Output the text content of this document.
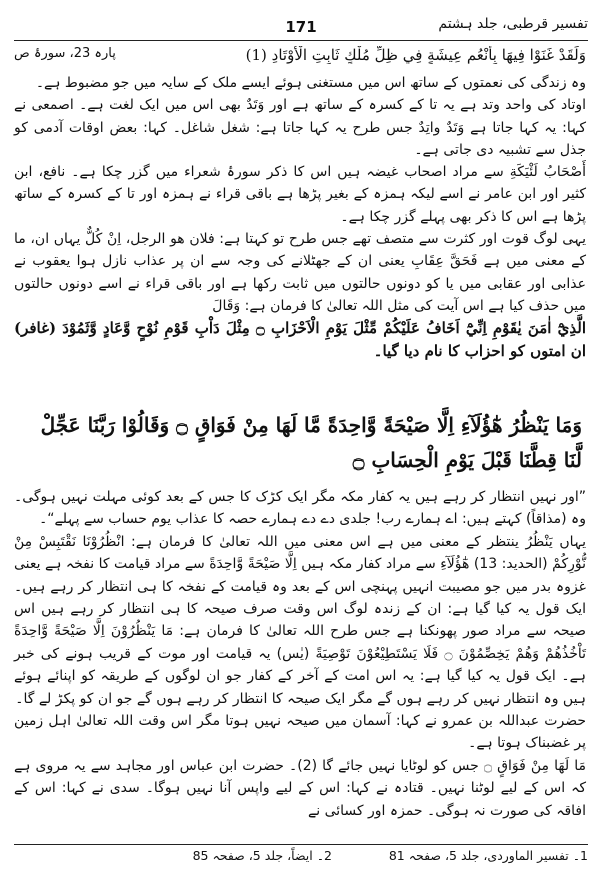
تفسیر قرطبی، جلد ہشتم
171
پارہ 23، سورۂ ص	وَلَقَدْ غَنَوْا فِيهَا بِأَنْعُمِ عِيشَةٍ فِي ظِلِّ مُلْكٍ ثَابِتِ الْأَوْتَادِ (1)

وہ زندگی کی نعمتوں کے ساتھ اس میں مستغنی ہوئے ایسے ملک کے سایہ میں جو مضبوط ہے۔

اوتاد کی واحد وتد ہے یہ تا کے کسرہ کے ساتھ ہے اور وَتَدٌ بھی اس میں ایک لغت ہے۔ اصمعی نے کہا: یہ کہا جاتا ہے وَتَدٌ واتِدٌ جس طرح یہ کہا جاتا ہے: شغل شاغل۔ کہا: بعض اوقات آدمی کو جذل سے تشبیہ دی جاتی ہے۔

أَصْحَابُ لَئْيَكَةِ سے مراد اصحاب غیضہ ہیں اس کا ذکر سورۂ شعراء میں گزر چکا ہے۔ نافع، ابن کثیر اور ابن عامر نے اسے لیکہ ہمزہ کے بغیر پڑھا ہے باقی قراء نے ہمزہ اور تا کے کسرہ کے ساتھ پڑھا ہے اس کا ذکر بھی پہلے گزر چکا ہے۔

یہی لوگ قوت اور کثرت سے متصف تھے جس طرح تو کہتا ہے: فلان ھو الرجل، اِنْ كُلٌّ یہاں ان، ما کے معنی میں ہے فَحَقَّ عِقَابِ یعنی ان کے جھٹلانے کی وجہ سے ان پر عذاب نازل ہوا یعقوب نے عذابی اور عقابی میں یا کو دونوں حالتوں میں ثابت رکھا ہے اور باقی قراء نے اسے دونوں حالتوں میں حذف کیا ہے اس آیت کی مثل اللہ تعالیٰ کا فرمان ہے: وَقَالَ

الَّذِيْٓ اٰمَنَ يٰقَوْمِ اِنِّيْٓ اَخَافُ عَلَيْكُمْ مِّثْلَ يَوْمِ الْاَحْزَابِ ۝ مِثْلَ دَاْبِ قَوْمِ نُوْحٍ وَّعَادٍ وَّثَمُوْدَ (غافر) ان امتوں کو احزاب کا نام دیا گیا۔

وَمَا يَنْظُرُ هٰٓؤُلَآءِ اِلَّا صَيْحَةً وَّاحِدَةً مَّا لَهَا مِنْ فَوَاقٍ ۝ وَقَالُوْا رَبَّنَا عَجِّلْ لَّنَا قِطَّنَا قَبْلَ يَوْمِ الْحِسَابِ ۝

”اور نہیں انتظار کر رہے ہیں یہ کفار مکہ مگر ایک کڑک کا جس کے بعد کوئی مہلت نہیں ہوگی۔ وہ (مذاقاً) کہتے ہیں: اے ہمارے رب! جلدی دے دے ہمارے حصہ کا عذاب یوم حساب سے پہلے“۔

یہاں يَنْظُرُ ینتظر کے معنی میں ہے اس معنی میں اللہ تعالیٰ کا فرمان ہے: انْظُرُوْنَا نَقْتَبِسْ مِنْ نُّوْرِكُمْ (الحدید: 13) هٰٓؤُلَآءِ سے مراد کفار مکہ ہیں اِلَّا صَيْحَةً وَّاحِدَةً سے مراد قیامت کا نفخہ ہے یعنی غزوہ بدر میں جو مصیبت انہیں پہنچی اس کے بعد وہ قیامت کے نفخہ کا ہی انتظار کر رہے ہیں۔ ایک قول یہ کیا گیا ہے: ان کے زندہ لوگ اس وقت صرف صیحہ کا ہی انتظار کر رہے ہیں اس صیحہ سے مراد صور پھونکنا ہے جس طرح اللہ تعالیٰ کا فرمان ہے: مَا يَنْظُرُوْنَ اِلَّا صَيْحَةً وَّاحِدَةً تَاْخُذُهُمْ وَهُمْ يَخِصِّمُوْنَ ۝ فَلَا يَسْتَطِيْعُوْنَ تَوْصِيَةً (یٰس) یہ قیامت اور موت کے قریب ہونے کی خبر ہے۔ ایک قول یہ کیا گیا ہے: یہ اس امت کے آخر کے کفار جو ان لوگوں کے طریقہ کو اپنائے ہوئے ہیں وہ انتظار نہیں کر رہے ہوں گے مگر ایک صیحہ کا انتظار کر رہے ہوں گے جو ان کو پکڑ لے گا۔

حضرت عبداللہ بن عمرو نے کہا: آسمان میں صیحہ نہیں ہوتا مگر اس وقت اللہ تعالیٰ اہل زمین پر غضبناک ہوتا ہے۔

مَا لَهَا مِنْ فَوَاقٍ ۝ جس کو لوٹایا نہیں جائے گا (2)۔ حضرت ابن عباس اور مجاہد سے یہ مروی ہے کہ اس کے لیے لوٹنا نہیں۔ قتادہ نے کہا: اس کے لیے واپس آنا نہیں ہوگا۔ سدی نے کہا: اس کے افاقہ کی صورت نہ ہوگی۔ حمزہ اور کسائی نے

1۔ تفسیر الماوردی، جلد 5، صفحہ 81
2۔ ایضاً، جلد 5، صفحہ 85
